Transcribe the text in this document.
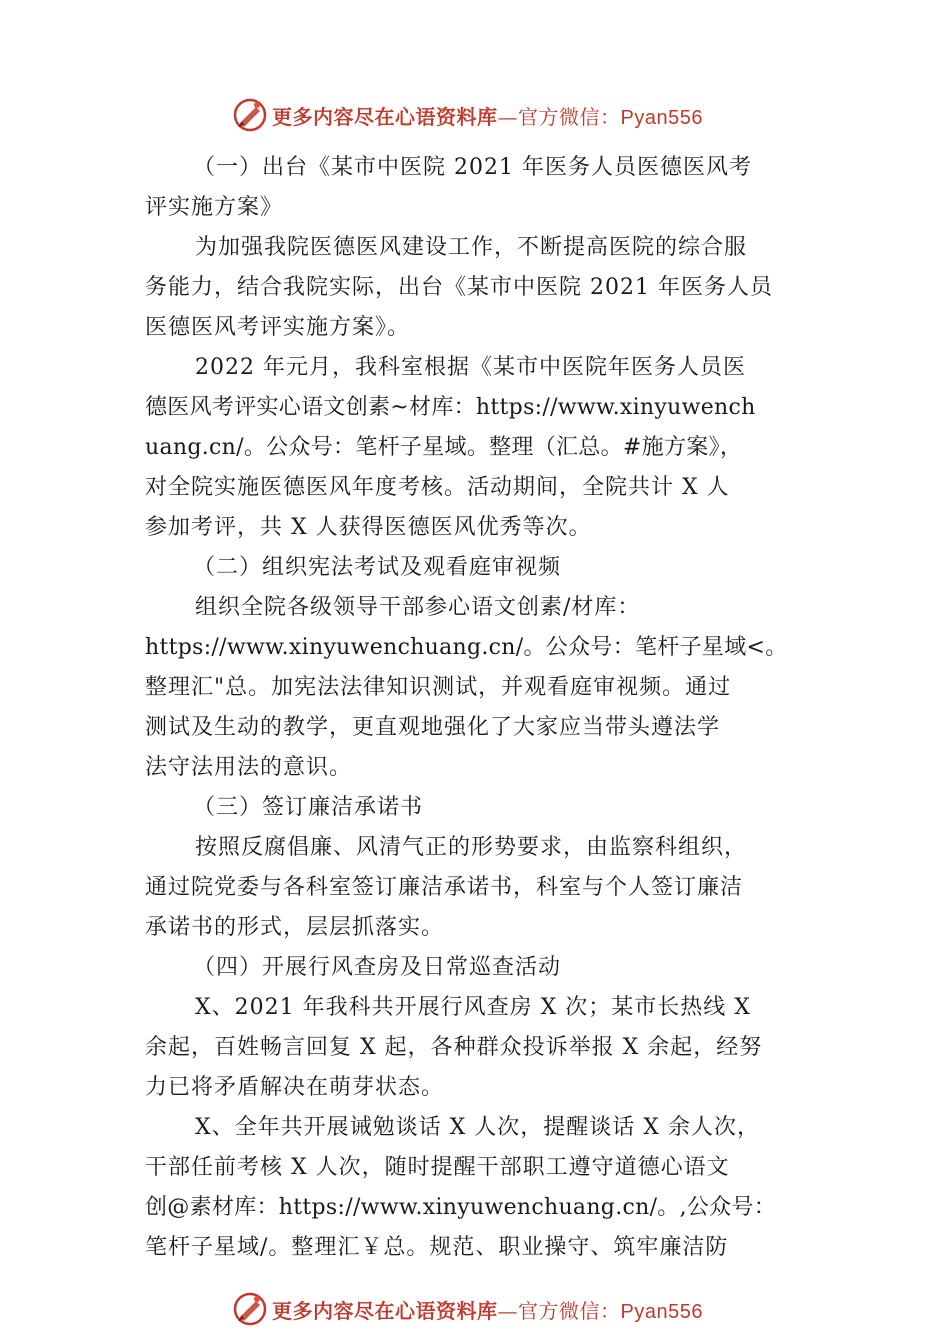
更多内容尽在心语资料库—官方微信：Pyan556
（一）出台《某市中医院 2021 年医务人员医德医风考
评实施方案》
为加强我院医德医风建设工作，不断提高医院的综合服
务能力，结合我院实际，出台《某市中医院 2021 年医务人员
医德医风考评实施方案》。
2022 年元月，我科室根据《某市中医院年医务人员医
德医风考评实心语文创素~材库：https://www.xinyuwench
uang.cn/。公众号：笔杆子星域。整理（汇总。#施方案》，
对全院实施医德医风年度考核。活动期间，全院共计 X 人
参加考评，共 X 人获得医德医风优秀等次。
（二）组织宪法考试及观看庭审视频
组织全院各级领导干部参心语文创素/材库：
https://www.xinyuwenchuang.cn/。公众号：笔杆子星域<。
整理汇"总。加宪法法律知识测试，并观看庭审视频。通过
测试及生动的教学，更直观地强化了大家应当带头遵法学
法守法用法的意识。
（三）签订廉洁承诺书
按照反腐倡廉、风清气正的形势要求，由监察科组织，
通过院党委与各科室签订廉洁承诺书，科室与个人签订廉洁
承诺书的形式，层层抓落实。
（四）开展行风查房及日常巡查活动
X、2021 年我科共开展行风查房 X 次；某市长热线 X
余起，百姓畅言回复 X 起，各种群众投诉举报 X 余起，经努
力已将矛盾解决在萌芽状态。
X、全年共开展诫勉谈话 X 人次，提醒谈话 X 余人次，
干部任前考核 X 人次，随时提醒干部职工遵守道德心语文
创@素材库：https://www.xinyuwenchuang.cn/。,公众号：
笔杆子星域/。整理汇￥总。规范、职业操守、筑牢廉洁防
更多内容尽在心语资料库—官方微信：Pyan556
